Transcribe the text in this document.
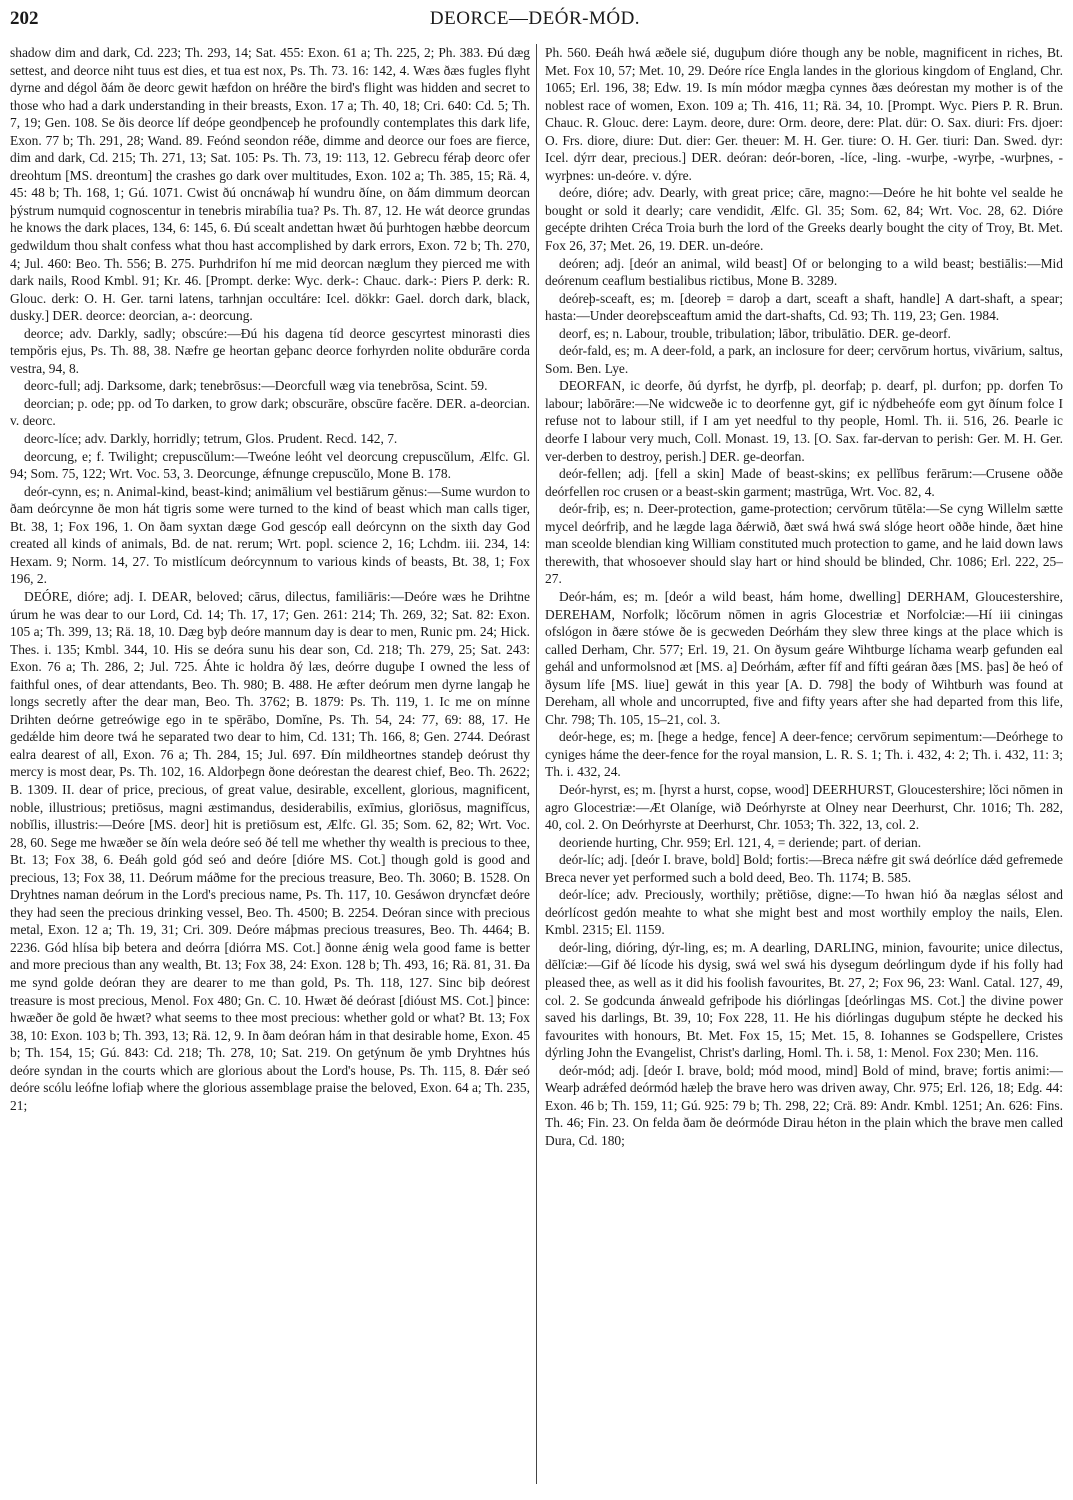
202	DEORCE—DEÓR-MÓD.

shadow dim and dark, Cd. 223; Th. 293, 14; Sat. 455: Exon. 61 a; Th. 225, 2; Ph. 383. Ðú dæg settest, and deorce niht tuus est dies, et tua est nox, Ps. Th. 73. 16: 142, 4. Wæs ðæs fugles flyht dyrne and dégol ðám ðe deorc gewit hæfdon on hréðre the bird's flight was hidden and secret to those who had a dark understanding in their breasts, Exon. 17 a; Th. 40, 18; Cri. 640: Cd. 5; Th. 7, 19; Gen. 108. Se ðis deorce líf deópe geondþenceþ he profoundly contemplates this dark life, Exon. 77 b; Th. 291, 28; Wand. 89. Feónd seondon réðe, dimme and deorce our foes are fierce, dim and dark, Cd. 215; Th. 271, 13; Sat. 105: Ps. Th. 73, 19: 113, 12. Gebrecu féraþ deorc ofer dreohtum [MS. dreontum] the crashes go dark over multitudes, Exon. 102 a; Th. 385, 15; Rä. 4, 45: 48 b; Th. 168, 1; Gú. 1071. Cwist ðú oncnáwaþ hí wundru ðíne, on ðám dimmum deorcan þýstrum numquid cognoscentur in tenebris mirabília tua? Ps. Th. 87, 12. He wát deorce grundas he knows the dark places, 134, 6: 145, 6. Ðú scealt andettan hwæt ðú þurhtogen hæbbe deorcum gedwildum thou shalt confess what thou hast accomplished by dark errors, Exon. 72 b; Th. 270, 4; Jul. 460: Beo. Th. 556; B. 275. Þurhdrifon hí me mid deorcan næglum they pierced me with dark nails, Rood Kmbl. 91; Kr. 46. [Prompt. derke: Wyc. derk-: Chauc. dark-: Piers P. derk: R. Glouc. derk: O. H. Ger. tarni latens, tarhnjan occultáre: Icel. dökkr: Gael. dorch dark, black, dusky.] DER. deorce: deorcian, a-: deorcung.

deorce; adv. Darkly, sadly; obscúre:—Ðú his dagena tíd deorce gescyrtest minorasti dies tempŏris ejus, Ps. Th. 88, 38. Næfre ge heortan geþanc deorce forhyrden nolite obdurāre corda vestra, 94, 8.

deorc-full; adj. Darksome, dark; tenebrōsus:—Deorcfull wæg via tenebrōsa, Scint. 59.

deorcian; p. ode; pp. od To darken, to grow dark; obscurāre, obscūre facĕre. DER. a-deorcian. v. deorc.

deorc-líce; adv. Darkly, horridly; tetrum, Glos. Prudent. Recd. 142, 7.

deorcung, e; f. Twilight; crepuscŭlum:—Tweóne leóht vel deorcung crepuscŭlum, Ælfc. Gl. 94; Som. 75, 122; Wrt. Voc. 53, 3. Deorcunge, ǽfnunge crepuscŭlo, Mone B. 178.

deór-cynn, es; n. Animal-kind, beast-kind; animālium vel bestiārum gĕnus:—Sume wurdon to ðam deórcynne ðe mon hát tigris some were turned to the kind of beast which man calls tiger, Bt. 38, 1; Fox 196, 1. On ðam syxtan dæge God gescóp eall deórcynn on the sixth day God created all kinds of animals, Bd. de nat. rerum; Wrt. popl. science 2, 16; Lchdm. iii. 234, 14: Hexam. 9; Norm. 14, 27. To mistlícum deórcynnum to various kinds of beasts, Bt. 38, 1; Fox 196, 2.

DEÓRE, dióre; adj. I. DEAR, beloved; cārus, dilectus, familiāris:—Deóre wæs he Drihtne úrum he was dear to our Lord, Cd. 14; Th. 17, 17; Gen. 261: 214; Th. 269, 32; Sat. 82: Exon. 105 a; Th. 399, 13; Rä. 18, 10. Dæg byþ deóre mannum day is dear to men, Runic pm. 24; Hick. Thes. i. 135; Kmbl. 344, 10. His se deóra sunu his dear son, Cd. 218; Th. 279, 25; Sat. 243: Exon. 76 a; Th. 286, 2; Jul. 725. Áhte ic holdra ðý læs, deórre duguþe I owned the less of faithful ones, of dear attendants, Beo. Th. 980; B. 488. He æfter deórum men dyrne langaþ he longs secretly after the dear man, Beo. Th. 3762; B. 1879: Ps. Th. 119, 1. Ic me on mínne Drihten deórne getreówige ego in te spērābo, Domĭne, Ps. Th. 54, 24: 77, 69: 88, 17. He gedǽlde him deore twá he separated two dear to him, Cd. 131; Th. 166, 8; Gen. 2744. Deórast ealra dearest of all, Exon. 76 a; Th. 284, 15; Jul. 697. Ðín mildheortnes standeþ deórust thy mercy is most dear, Ps. Th. 102, 16. Aldorþegn ðone deórestan the dearest chief, Beo. Th. 2622; B. 1309. II. dear of price, precious, of great value, desirable, excellent, glorious, magnificent, noble, illustrious; pretiōsus, magni æstimandus, desiderabilis, exīmius, gloriōsus, magnifĭcus, nobĭlis, illustris:—Deóre [MS. deor] hit is pretiōsum est, Ælfc. Gl. 35; Som. 62, 82; Wrt. Voc. 28, 60. Sege me hwæðer se ðín wela deóre seó ðé tell me whether thy wealth is precious to thee, Bt. 13; Fox 38, 6. Ðeáh gold gód seó and deóre [dióre MS. Cot.] though gold is good and precious, 13; Fox 38, 11. Deórum máðme for the precious treasure, Beo. Th. 3060; B. 1528. On Dryhtnes naman deórum in the Lord's precious name, Ps. Th. 117, 10. Gesáwon dryncfæt deóre they had seen the precious drinking vessel, Beo. Th. 4500; B. 2254. Deóran since with precious metal, Exon. 12 a; Th. 19, 31; Cri. 309. Deóre máþmas precious treasures, Beo. Th. 4464; B. 2236. Gód hlísa biþ betera and deórra [diórra MS. Cot.] ðonne ǽnig wela good fame is better and more precious than any wealth, Bt. 13; Fox 38, 24: Exon. 128 b; Th. 493, 16; Rä. 81, 31. Ða me synd golde deóran they are dearer to me than gold, Ps. Th. 118, 127. Sinc biþ deórest treasure is most precious, Menol. Fox 480; Gn. C. 10. Hwæt ðé deórast [dióust MS. Cot.] þince: hwæðer ðe gold ðe hwæt? what seems to thee most precious: whether gold or what? Bt. 13; Fox 38, 10: Exon. 103 b; Th. 393, 13; Rä. 12, 9. In ðam deóran hám in that desirable home, Exon. 45 b; Th. 154, 15; Gú. 843: Cd. 218; Th. 278, 10; Sat. 219. On getýnum ðe ymb Dryhtnes hús deóre syndan in the courts which are glorious about the Lord's house, Ps. Th. 115, 8. Ðǽr seó deóre scólu leófne lofiaþ where the glorious assemblage praise the beloved, Exon. 64 a; Th. 235, 21;

Ph. 560. Ðeáh hwá æðele sié, duguþum dióre though any be noble, magnificent in riches, Bt. Met. Fox 10, 57; Met. 10, 29. Deóre ríce Engla landes in the glorious kingdom of England, Chr. 1065; Erl. 196, 38; Edw. 19. Is mín módor mægþa cynnes ðæs deórestan my mother is of the noblest race of women, Exon. 109 a; Th. 416, 11; Rä. 34, 10. [Prompt. Wyc. Piers P. R. Brun. Chauc. R. Glouc. dere: Laym. deore, dure: Orm. deore, dere: Plat. dür: O. Sax. diuri: Frs. djoer: O. Frs. diore, diure: Dut. dier: Ger. theuer: M. H. Ger. tiure: O. H. Ger. tiuri: Dan. Swed. dyr: Icel. dýrr dear, precious.] DER. deóran: deór-boren, -líce, -ling. -wurþe, -wyrþe, -wurþnes, -wyrþnes: un-deóre. v. dýre.

deóre, dióre; adv. Dearly, with great price; cāre, magno:—Deóre he hit bohte vel sealde he bought or sold it dearly; care vendidit, Ælfc. Gl. 35; Som. 62, 84; Wrt. Voc. 28, 62. Dióre gecépte drihten Créca Troia burh the lord of the Greeks dearly bought the city of Troy, Bt. Met. Fox 26, 37; Met. 26, 19. DER. un-deóre.

deóren; adj. [deór an animal, wild beast] Of or belonging to a wild beast; bestiālis:—Mid deórenum ceaflum bestialibus rictibus, Mone B. 3289.

deóreþ-sceaft, es; m. [deoreþ = daroþ a dart, sceaft a shaft, handle] A dart-shaft, a spear; hasta:—Under deoreþsceaftum amid the dart-shafts, Cd. 93; Th. 119, 23; Gen. 1984.

deorf, es; n. Labour, trouble, tribulation; lābor, tribulātio. DER. ge-deorf.

deór-fald, es; m. A deer-fold, a park, an inclosure for deer; cervōrum hortus, vivārium, saltus, Som. Ben. Lye.

DEORFAN, ic deorfe, ðú dyrfst, he dyrfþ, pl. deorfaþ; p. dearf, pl. durfon; pp. dorfen To labour; labōrāre:—Ne widcweðe ic to deorfenne gyt, gif ic nýdbeheófe eom gyt ðínum folce I refuse not to labour still, if I am yet needful to thy people, Homl. Th. ii. 516, 26. Þearle ic deorfe I labour very much, Coll. Monast. 19, 13. [O. Sax. far-dervan to perish: Ger. M. H. Ger. ver-derben to destroy, perish.] DER. ge-deorfan.

deór-fellen; adj. [fell a skin] Made of beast-skins; ex pellĭbus ferārum:—Crusene oððe deórfellen roc crusen or a beast-skin garment; mastrūga, Wrt. Voc. 82, 4.

deór-friþ, es; n. Deer-protection, game-protection; cervōrum tūtēla:—Se cyng Willelm sætte mycel deórfriþ, and he lægde laga ðǽrwið, ðæt swá hwá swá slóge heort oððe hinde, ðæt hine man sceolde blendian king William constituted much protection to game, and he laid down laws therewith, that whosoever should slay hart or hind should be blinded, Chr. 1086; Erl. 222, 25–27.

Deór-hám, es; m. [deór a wild beast, hám home, dwelling] DERHAM, Gloucestershire, DEREHAM, Norfolk; lŏcōrum nōmen in agris Glocestriæ et Norfolciæ:—Hí iii ciningas ofslógon in ðære stówe ðe is gecweden Deórhám they slew three kings at the place which is called Derham, Chr. 577; Erl. 19, 21. On ðysum geáre Wihtburge líchama wearþ gefunden eal gehál and unformolsnod æt [MS. a] Deórhám, æfter fíf and fífti geáran ðæs [MS. þas] ðe heó of ðysum lífe [MS. liue] gewát in this year [A. D. 798] the body of Wihtburh was found at Dereham, all whole and uncorrupted, five and fifty years after she had departed from this life, Chr. 798; Th. 105, 15–21, col. 3.

deór-hege, es; m. [hege a hedge, fence] A deer-fence; cervōrum sepimentum:—Deórhege to cyniges háme the deer-fence for the royal mansion, L. R. S. 1; Th. i. 432, 4: 2; Th. i. 432, 11: 3; Th. i. 432, 24.

Deór-hyrst, es; m. [hyrst a hurst, copse, wood] DEERHURST, Gloucestershire; lŏci nōmen in agro Glocestriæ:—Æt Olaníge, wið Deórhyrste at Olney near Deerhurst, Chr. 1016; Th. 282, 40, col. 2. On Deórhyrste at Deerhurst, Chr. 1053; Th. 322, 13, col. 2.

deoriende hurting, Chr. 959; Erl. 121, 4, = deriende; part. of derian.

deór-líc; adj. [deór I. brave, bold] Bold; fortis:—Breca nǽfre git swá deórlíce dǽd gefremede Breca never yet performed such a bold deed, Beo. Th. 1174; B. 585.

deór-líce; adv. Preciously, worthily; prĕtiōse, digne:—To hwan hió ða næglas sélost and deórlícost gedón meahte to what she might best and most worthily employ the nails, Elen. Kmbl. 2315; El. 1159.

deór-ling, dióring, dýr-ling, es; m. A dearling, DARLING, minion, favourite; unice dilectus, dēlĭciæ:—Gif ðé lícode his dysig, swá wel swá his dysegum deórlingum dyde if his folly had pleased thee, as well as it did his foolish favourites, Bt. 27, 2; Fox 96, 23: Wanl. Catal. 127, 49, col. 2. Se godcunda ánweald gefriþode his diórlingas [deórlingas MS. Cot.] the divine power saved his darlings, Bt. 39, 10; Fox 228, 11. He his diórlingas duguþum stépte he decked his favourites with honours, Bt. Met. Fox 15, 15; Met. 15, 8. Iohannes se Godspellere, Cristes dýrling John the Evangelist, Christ's darling, Homl. Th. i. 58, 1: Menol. Fox 230; Men. 116.

deór-mód; adj. [deór I. brave, bold; mód mood, mind] Bold of mind, brave; fortis animi:—Wearþ adrǽfed deórmód hæleþ the brave hero was driven away, Chr. 975; Erl. 126, 18; Edg. 44: Exon. 46 b; Th. 159, 11; Gú. 925: 79 b; Th. 298, 22; Crä. 89: Andr. Kmbl. 1251; An. 626: Fins. Th. 46; Fin. 23. On felda ðam ðe deórmóde Dirau héton in the plain which the brave men called Dura, Cd. 180;
